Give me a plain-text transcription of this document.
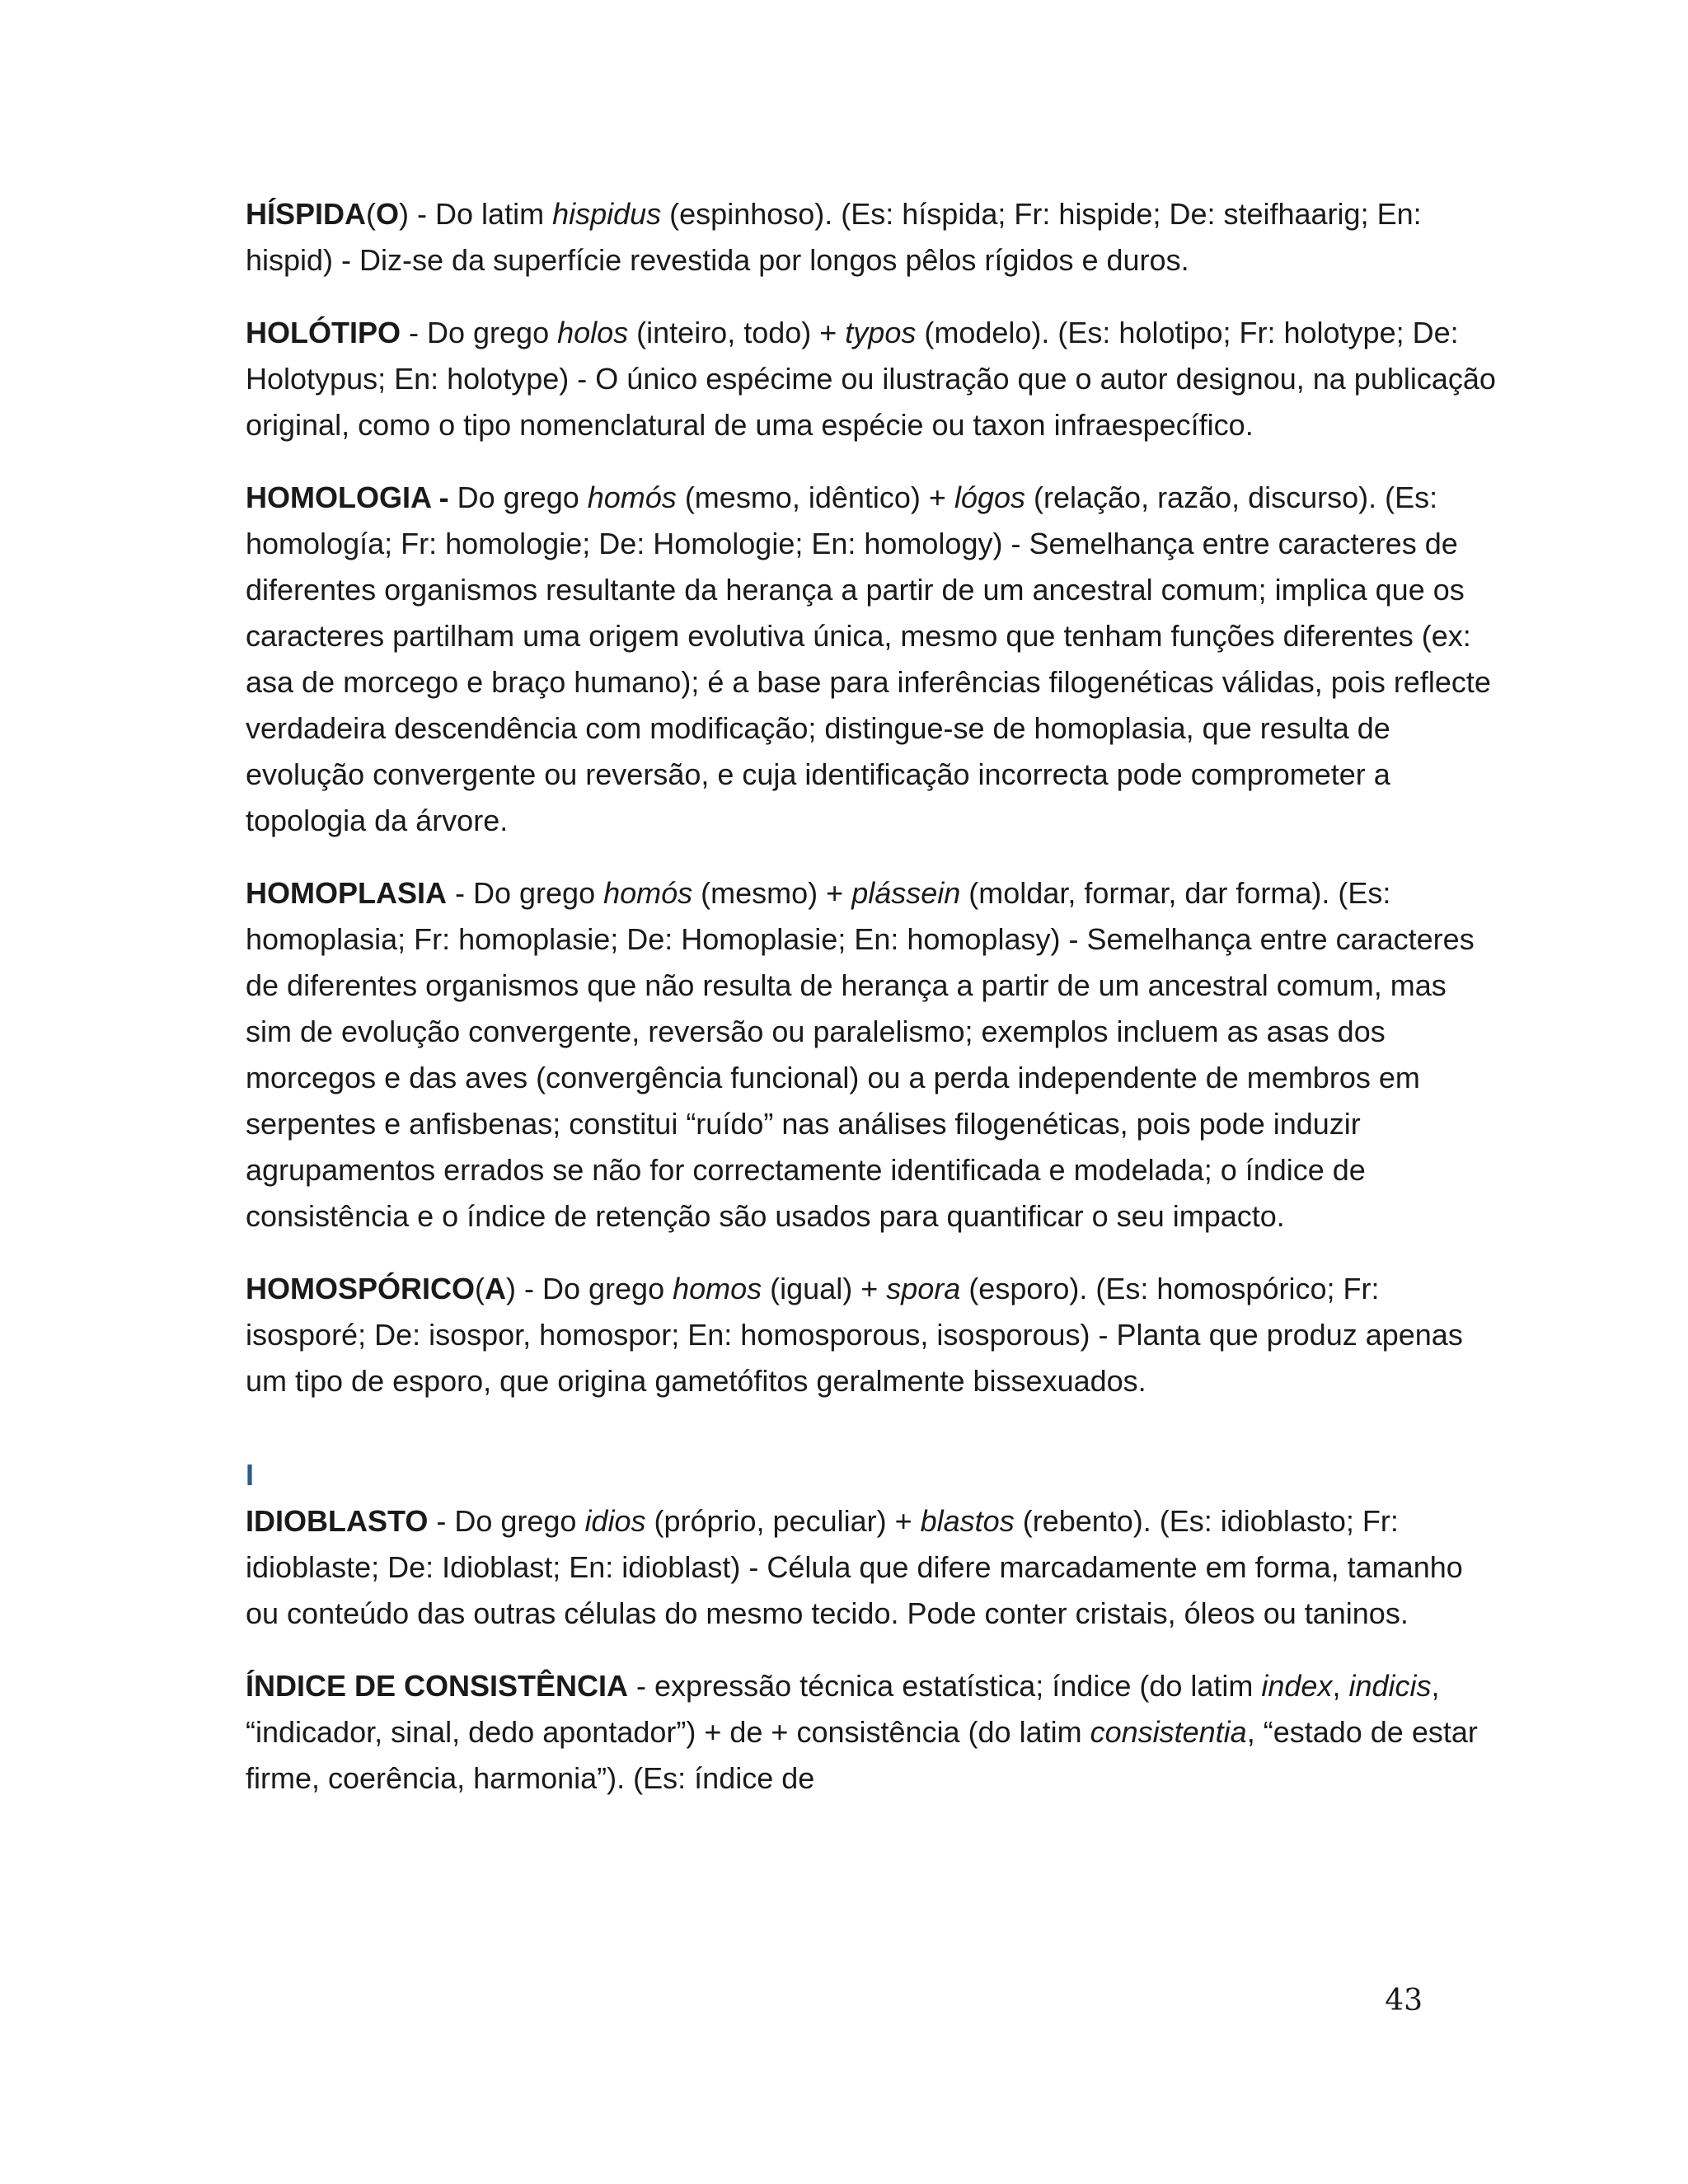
HÍSPIDA(O) - Do latim hispidus (espinhoso). (Es: híspida; Fr: hispide; De: steifhaarig; En: hispid) - Diz-se da superfície revestida por longos pêlos rígidos e duros.

HOLÓTIPO - Do grego holos (inteiro, todo) + typos (modelo). (Es: holotipo; Fr: holotype; De: Holotypus; En: holotype) - O único espécime ou ilustração que o autor designou, na publicação original, como o tipo nomenclatural de uma espécie ou taxon infraespecífico.

HOMOLOGIA - Do grego homós (mesmo, idêntico) + lógos (relação, razão, discurso). (Es: homología; Fr: homologie; De: Homologie; En: homology) - Semelhança entre caracteres de diferentes organismos resultante da herança a partir de um ancestral comum; implica que os caracteres partilham uma origem evolutiva única, mesmo que tenham funções diferentes (ex: asa de morcego e braço humano); é a base para inferências filogenéticas válidas, pois reflecte verdadeira descendência com modificação; distingue-se de homoplasia, que resulta de evolução convergente ou reversão, e cuja identificação incorrecta pode comprometer a topologia da árvore.

HOMOPLASIA - Do grego homós (mesmo) + plássein (moldar, formar, dar forma). (Es: homoplasia; Fr: homoplasie; De: Homoplasie; En: homoplasy) - Semelhança entre caracteres de diferentes organismos que não resulta de herança a partir de um ancestral comum, mas sim de evolução convergente, reversão ou paralelismo; exemplos incluem as asas dos morcegos e das aves (convergência funcional) ou a perda independente de membros em serpentes e anfisbenas; constitui “ruído” nas análises filogenéticas, pois pode induzir agrupamentos errados se não for correctamente identificada e modelada; o índice de consistência e o índice de retenção são usados para quantificar o seu impacto.

HOMOSPÓRICO(A) - Do grego homos (igual) + spora (esporo). (Es: homospórico; Fr: isosporé; De: isospor, homospor; En: homosporous, isosporous) - Planta que produz apenas um tipo de esporo, que origina gametófitos geralmente bissexuados.

I

IDIOBLASTO - Do grego idios (próprio, peculiar) + blastos (rebento). (Es: idioblasto; Fr: idioblaste; De: Idioblast; En: idioblast) - Célula que difere marcadamente em forma, tamanho ou conteúdo das outras células do mesmo tecido. Pode conter cristais, óleos ou taninos.

ÍNDICE DE CONSISTÊNCIA - expressão técnica estatística; índice (do latim index, indicis, “indicador, sinal, dedo apontador”) + de + consistência (do latim consistentia, “estado de estar firme, coerência, harmonia”). (Es: índice de

43
